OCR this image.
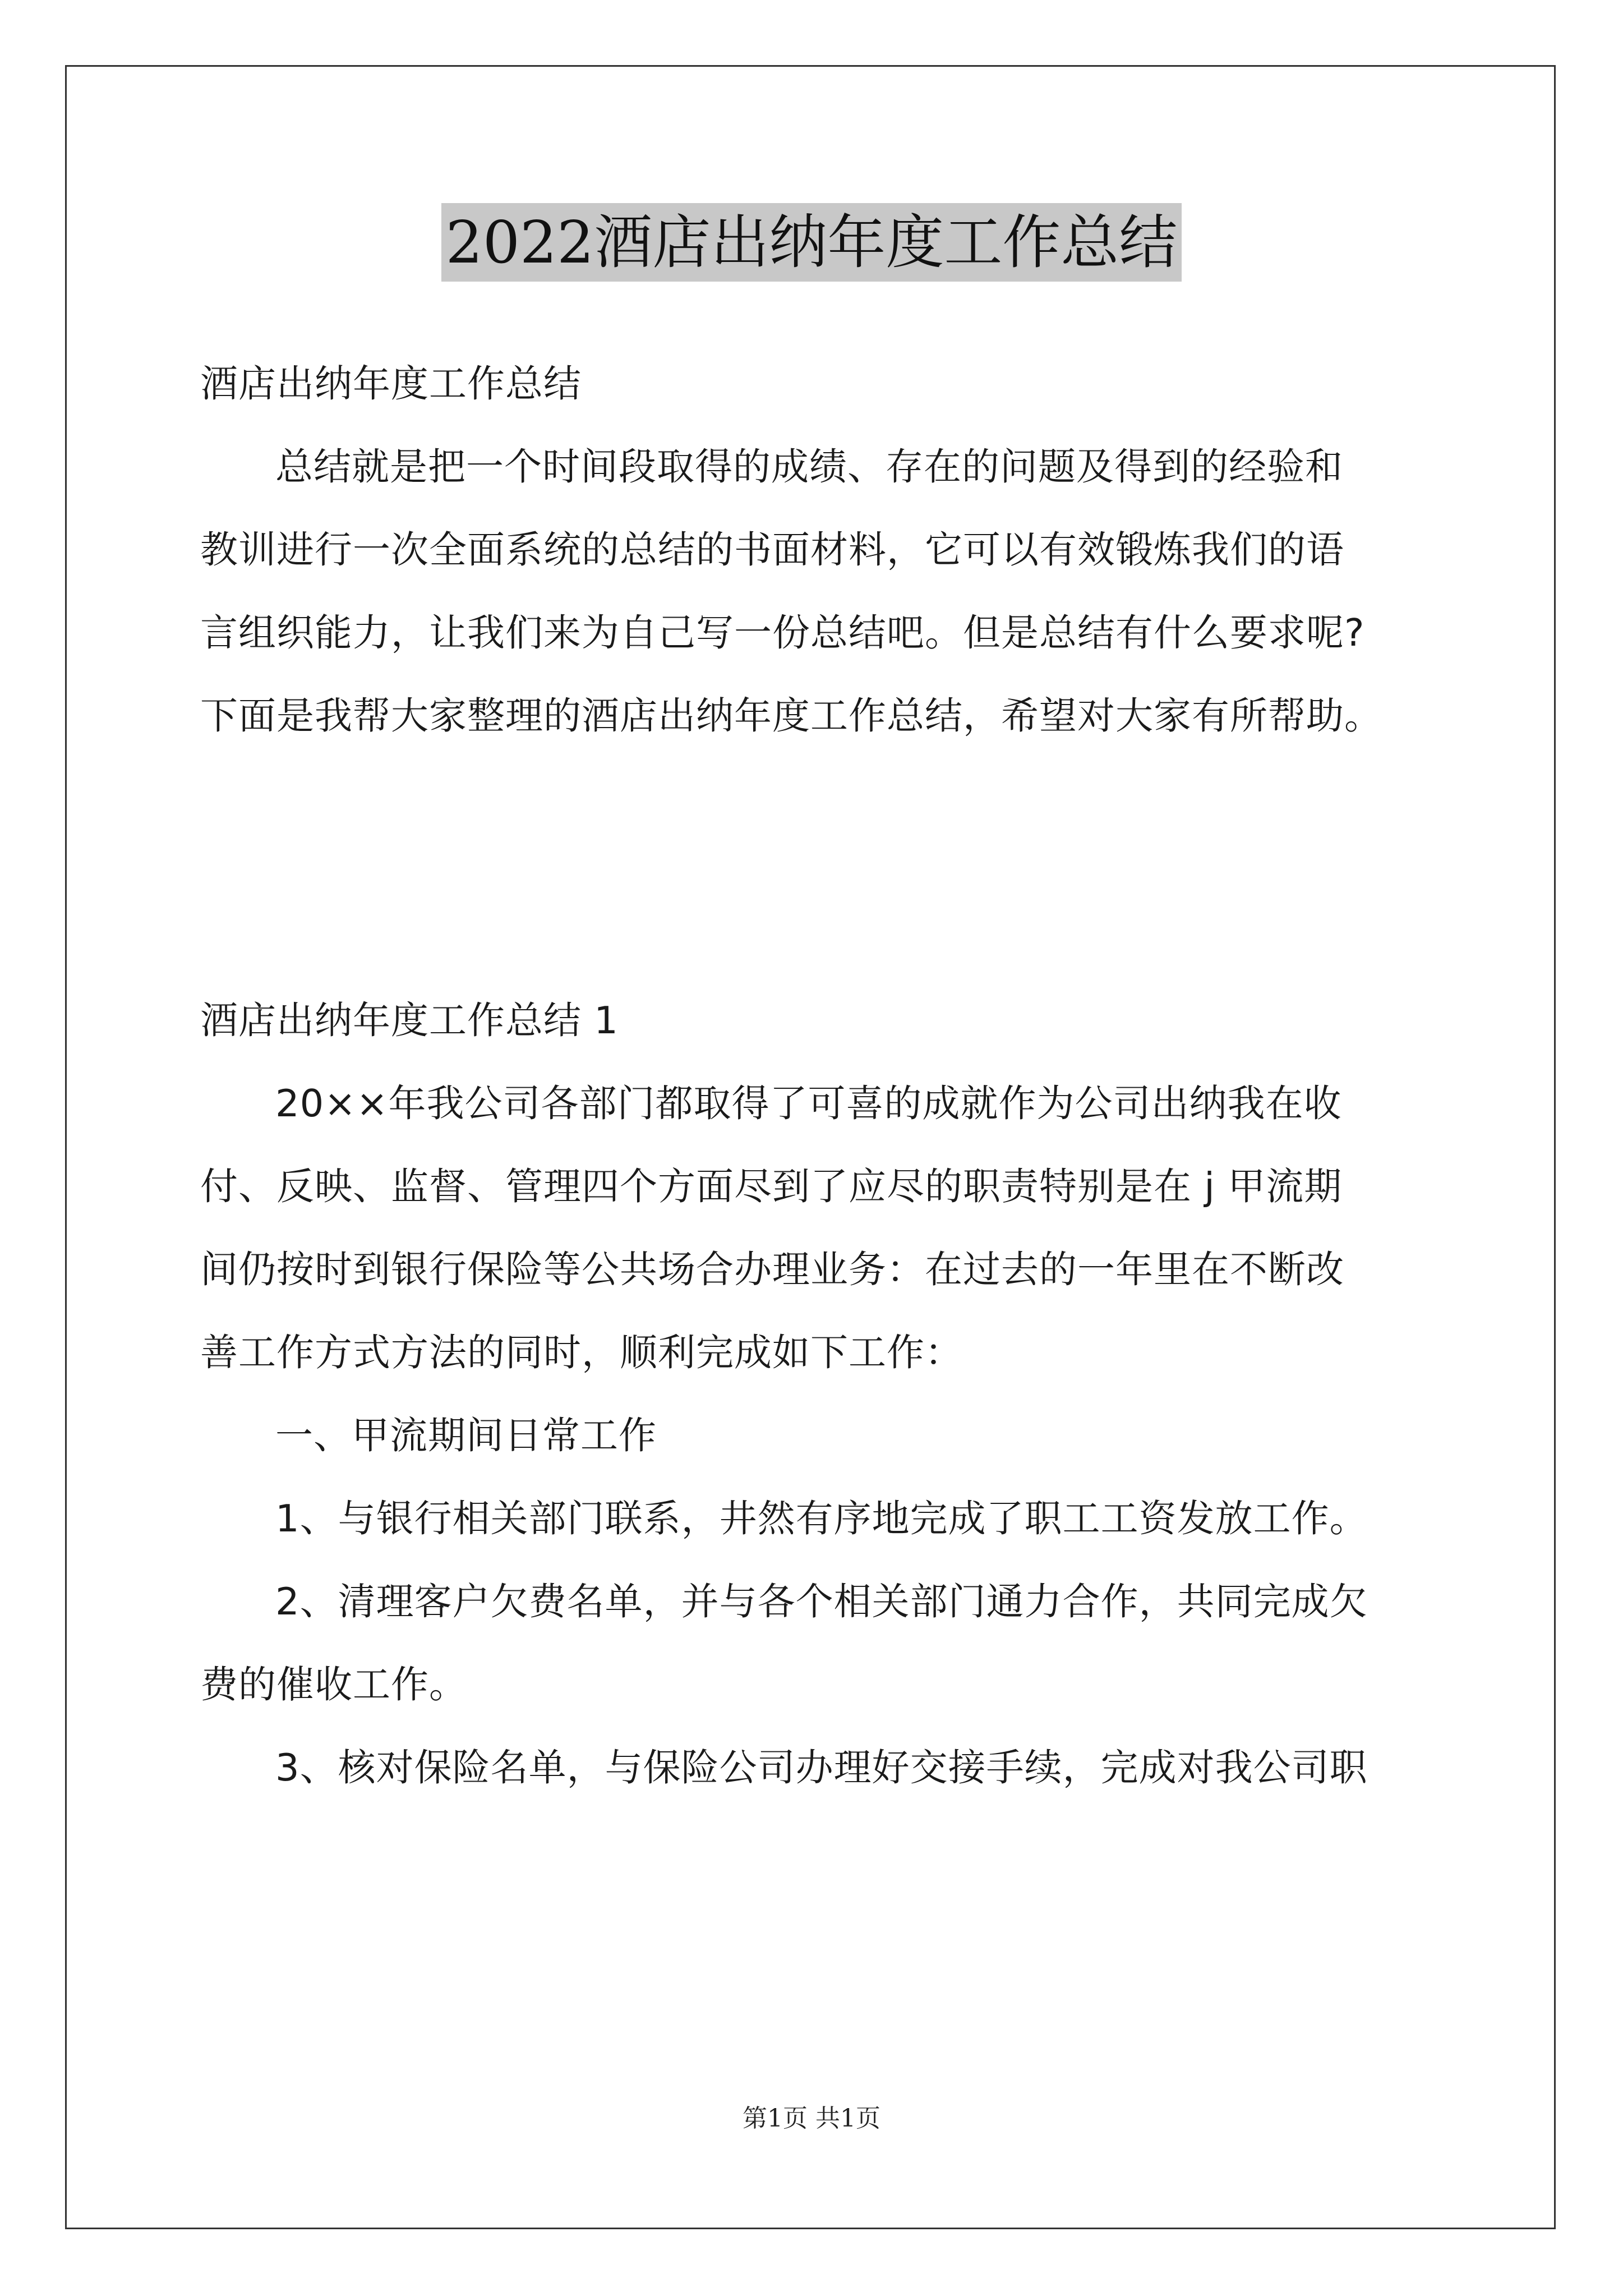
2022酒店出纳年度工作总结
酒店出纳年度工作总结
总结就是把一个时间段取得的成绩、存在的问题及得到的经验和
教训进行一次全面系统的总结的书面材料，它可以有效锻炼我们的语
言组织能力，让我们来为自己写一份总结吧。但是总结有什么要求呢?
下面是我帮大家整理的酒店出纳年度工作总结，希望对大家有所帮助。
酒店出纳年度工作总结 1
20××年我公司各部门都取得了可喜的成就作为公司出纳我在收
付、反映、监督、管理四个方面尽到了应尽的职责特别是在 j 甲流期
间仍按时到银行保险等公共场合办理业务：在过去的一年里在不断改
善工作方式方法的同时，顺利完成如下工作：
一、甲流期间日常工作
1、与银行相关部门联系，井然有序地完成了职工工资发放工作。
2、清理客户欠费名单，并与各个相关部门通力合作，共同完成欠
费的催收工作。
3、核对保险名单，与保险公司办理好交接手续，完成对我公司职
第1页 共1页
